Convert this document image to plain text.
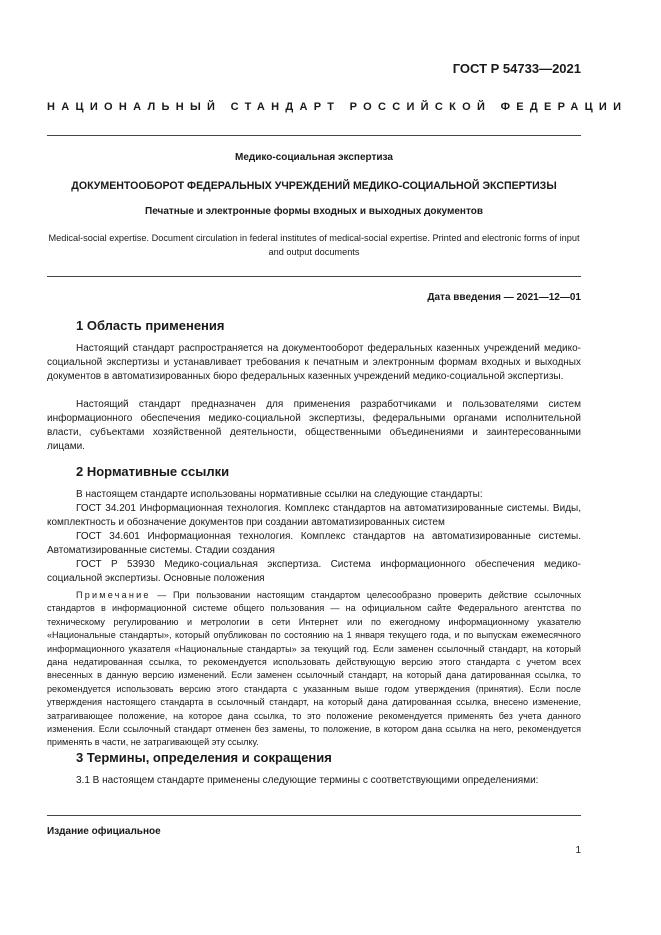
ГОСТ Р 54733—2021
НАЦИОНАЛЬНЫЙ СТАНДАРТ РОССИЙСКОЙ ФЕДЕРАЦИИ
Медико-социальная экспертиза
ДОКУМЕНТООБОРОТ ФЕДЕРАЛЬНЫХ УЧРЕЖДЕНИЙ МЕДИКО-СОЦИАЛЬНОЙ ЭКСПЕРТИЗЫ
Печатные и электронные формы входных и выходных документов
Medical-social expertise. Document circulation in federal institutes of medical-social expertise. Printed and electronic forms of input and output documents
Дата введения — 2021—12—01
1 Область применения
Настоящий стандарт распространяется на документооборот федеральных казенных учреждений медико-социальной экспертизы и устанавливает требования к печатным и электронным формам входных и выходных документов в автоматизированных бюро федеральных казенных учреждений медико-социальной экспертизы.
Настоящий стандарт предназначен для применения разработчиками и пользователями систем информационного обеспечения медико-социальной экспертизы, федеральными органами исполнительной власти, субъектами хозяйственной деятельности, общественными объединениями и заинтересованными лицами.
2 Нормативные ссылки
В настоящем стандарте использованы нормативные ссылки на следующие стандарты:
ГОСТ 34.201 Информационная технология. Комплекс стандартов на автоматизированные системы. Виды, комплектность и обозначение документов при создании автоматизированных систем
ГОСТ 34.601 Информационная технология. Комплекс стандартов на автоматизированные системы. Автоматизированные системы. Стадии создания
ГОСТ Р 53930 Медико-социальная экспертиза. Система информационного обеспечения медико-социальной экспертизы. Основные положения
Примечание — При пользовании настоящим стандартом целесообразно проверить действие ссылочных стандартов в информационной системе общего пользования — на официальном сайте Федерального агентства по техническому регулированию и метрологии в сети Интернет или по ежегодному информационному указателю «Национальные стандарты», который опубликован по состоянию на 1 января текущего года, и по выпускам ежемесячного информационного указателя «Национальные стандарты» за текущий год. Если заменен ссылочный стандарт, на который дана недатированная ссылка, то рекомендуется использовать действующую версию этого стандарта с учетом всех внесенных в данную версию изменений. Если заменен ссылочный стандарт, на который дана датированная ссылка, то рекомендуется использовать версию этого стандарта с указанным выше годом утверждения (принятия). Если после утверждения настоящего стандарта в ссылочный стандарт, на который дана датированная ссылка, внесено изменение, затрагивающее положение, на которое дана ссылка, то это положение рекомендуется применять без учета данного изменения. Если ссылочный стандарт отменен без замены, то положение, в котором дана ссылка на него, рекомендуется применять в части, не затрагивающей эту ссылку.
3 Термины, определения и сокращения
3.1 В настоящем стандарте применены следующие термины с соответствующими определениями:
Издание официальное
1
